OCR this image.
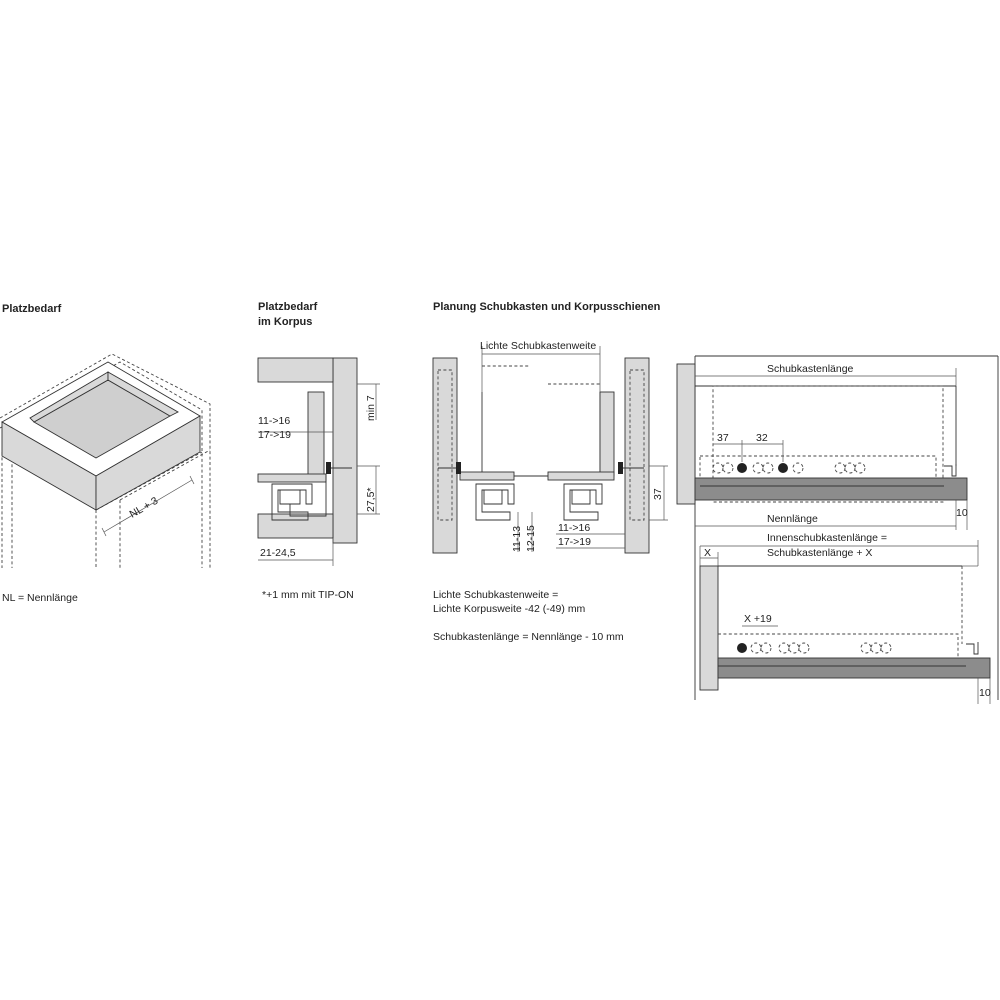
Platzbedarf
NL + 3
NL = Nennlänge
Platzbedarf
im Korpus
11->16
17->19
min 7
27,5*
21-24,5
*+1 mm mit TIP-ON
Planung Schubkasten und Korpusschienen
Lichte Schubkastenweite
11-13 12-15 11->16
17->19
37
Lichte Schubkastenweite =
Lichte Korpusweite -42 (-49) mm
Schubkastenlänge = Nennlänge - 10 mm
Schubkastenlänge
37	32
Nennlänge	10
Innenschubkastenlänge =
Schubkastenlänge + X
X
X +19
10
